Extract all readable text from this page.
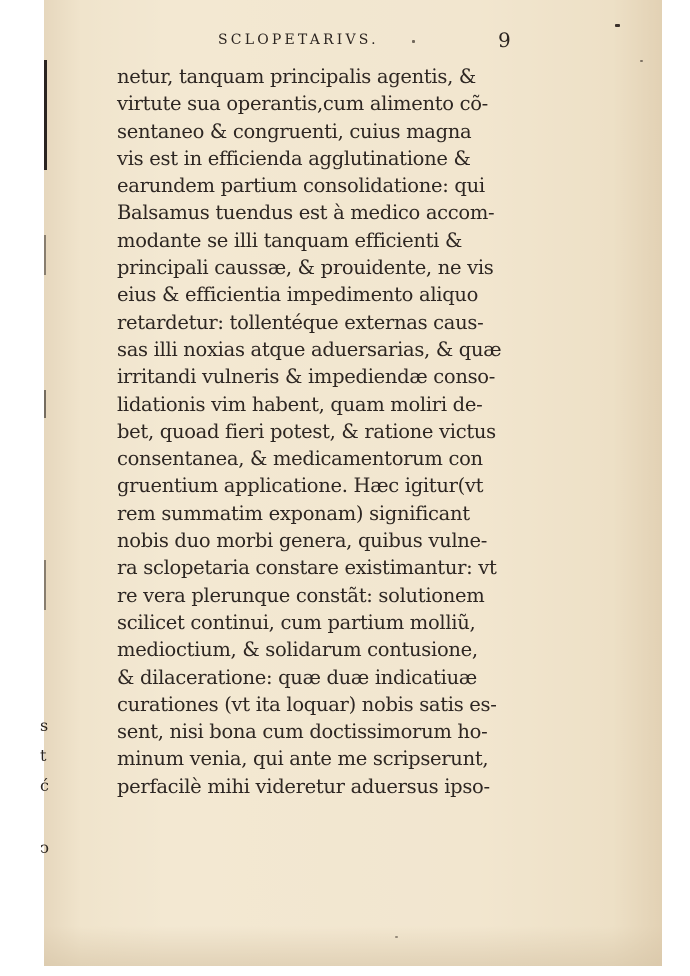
s
t
ć
ͻ
SCLOPETARIVS.	9
netur, tanquam principalis agentis, &
virtute sua operantis,cum alimento cõ-
sentaneo & congruenti, cuius magna
vis est in efficienda agglutinatione &
earundem partium consolidatione: qui
Balsamus tuendus est à medico accom-
modante se illi tanquam efficienti &
principali caussæ, & prouidente, ne vis
eius & efficientia impedimento aliquo
retardetur: tollentéque externas caus-
sas illi noxias atque aduersarias, & quæ
irritandi vulneris & impediendæ conso-
lidationis vim habent, quam moliri de-
bet, quoad fieri potest, & ratione victus
consentanea, & medicamentorum con
gruentium applicatione. Hæc igitur(vt
rem summatim exponam) significant
nobis duo morbi genera, quibus vulne-
ra sclopetaria constare existimantur: vt
re vera plerunque constãt: solutionem
scilicet continui, cum partium molliũ,
medioctium, & solidarum contusione,
& dilaceratione: quæ duæ indicatiuæ
curationes (vt ita loquar) nobis satis es-
sent, nisi bona cum doctissimorum ho-
minum venia, qui ante me scripserunt,
perfacilè mihi videretur aduersus ipso-
